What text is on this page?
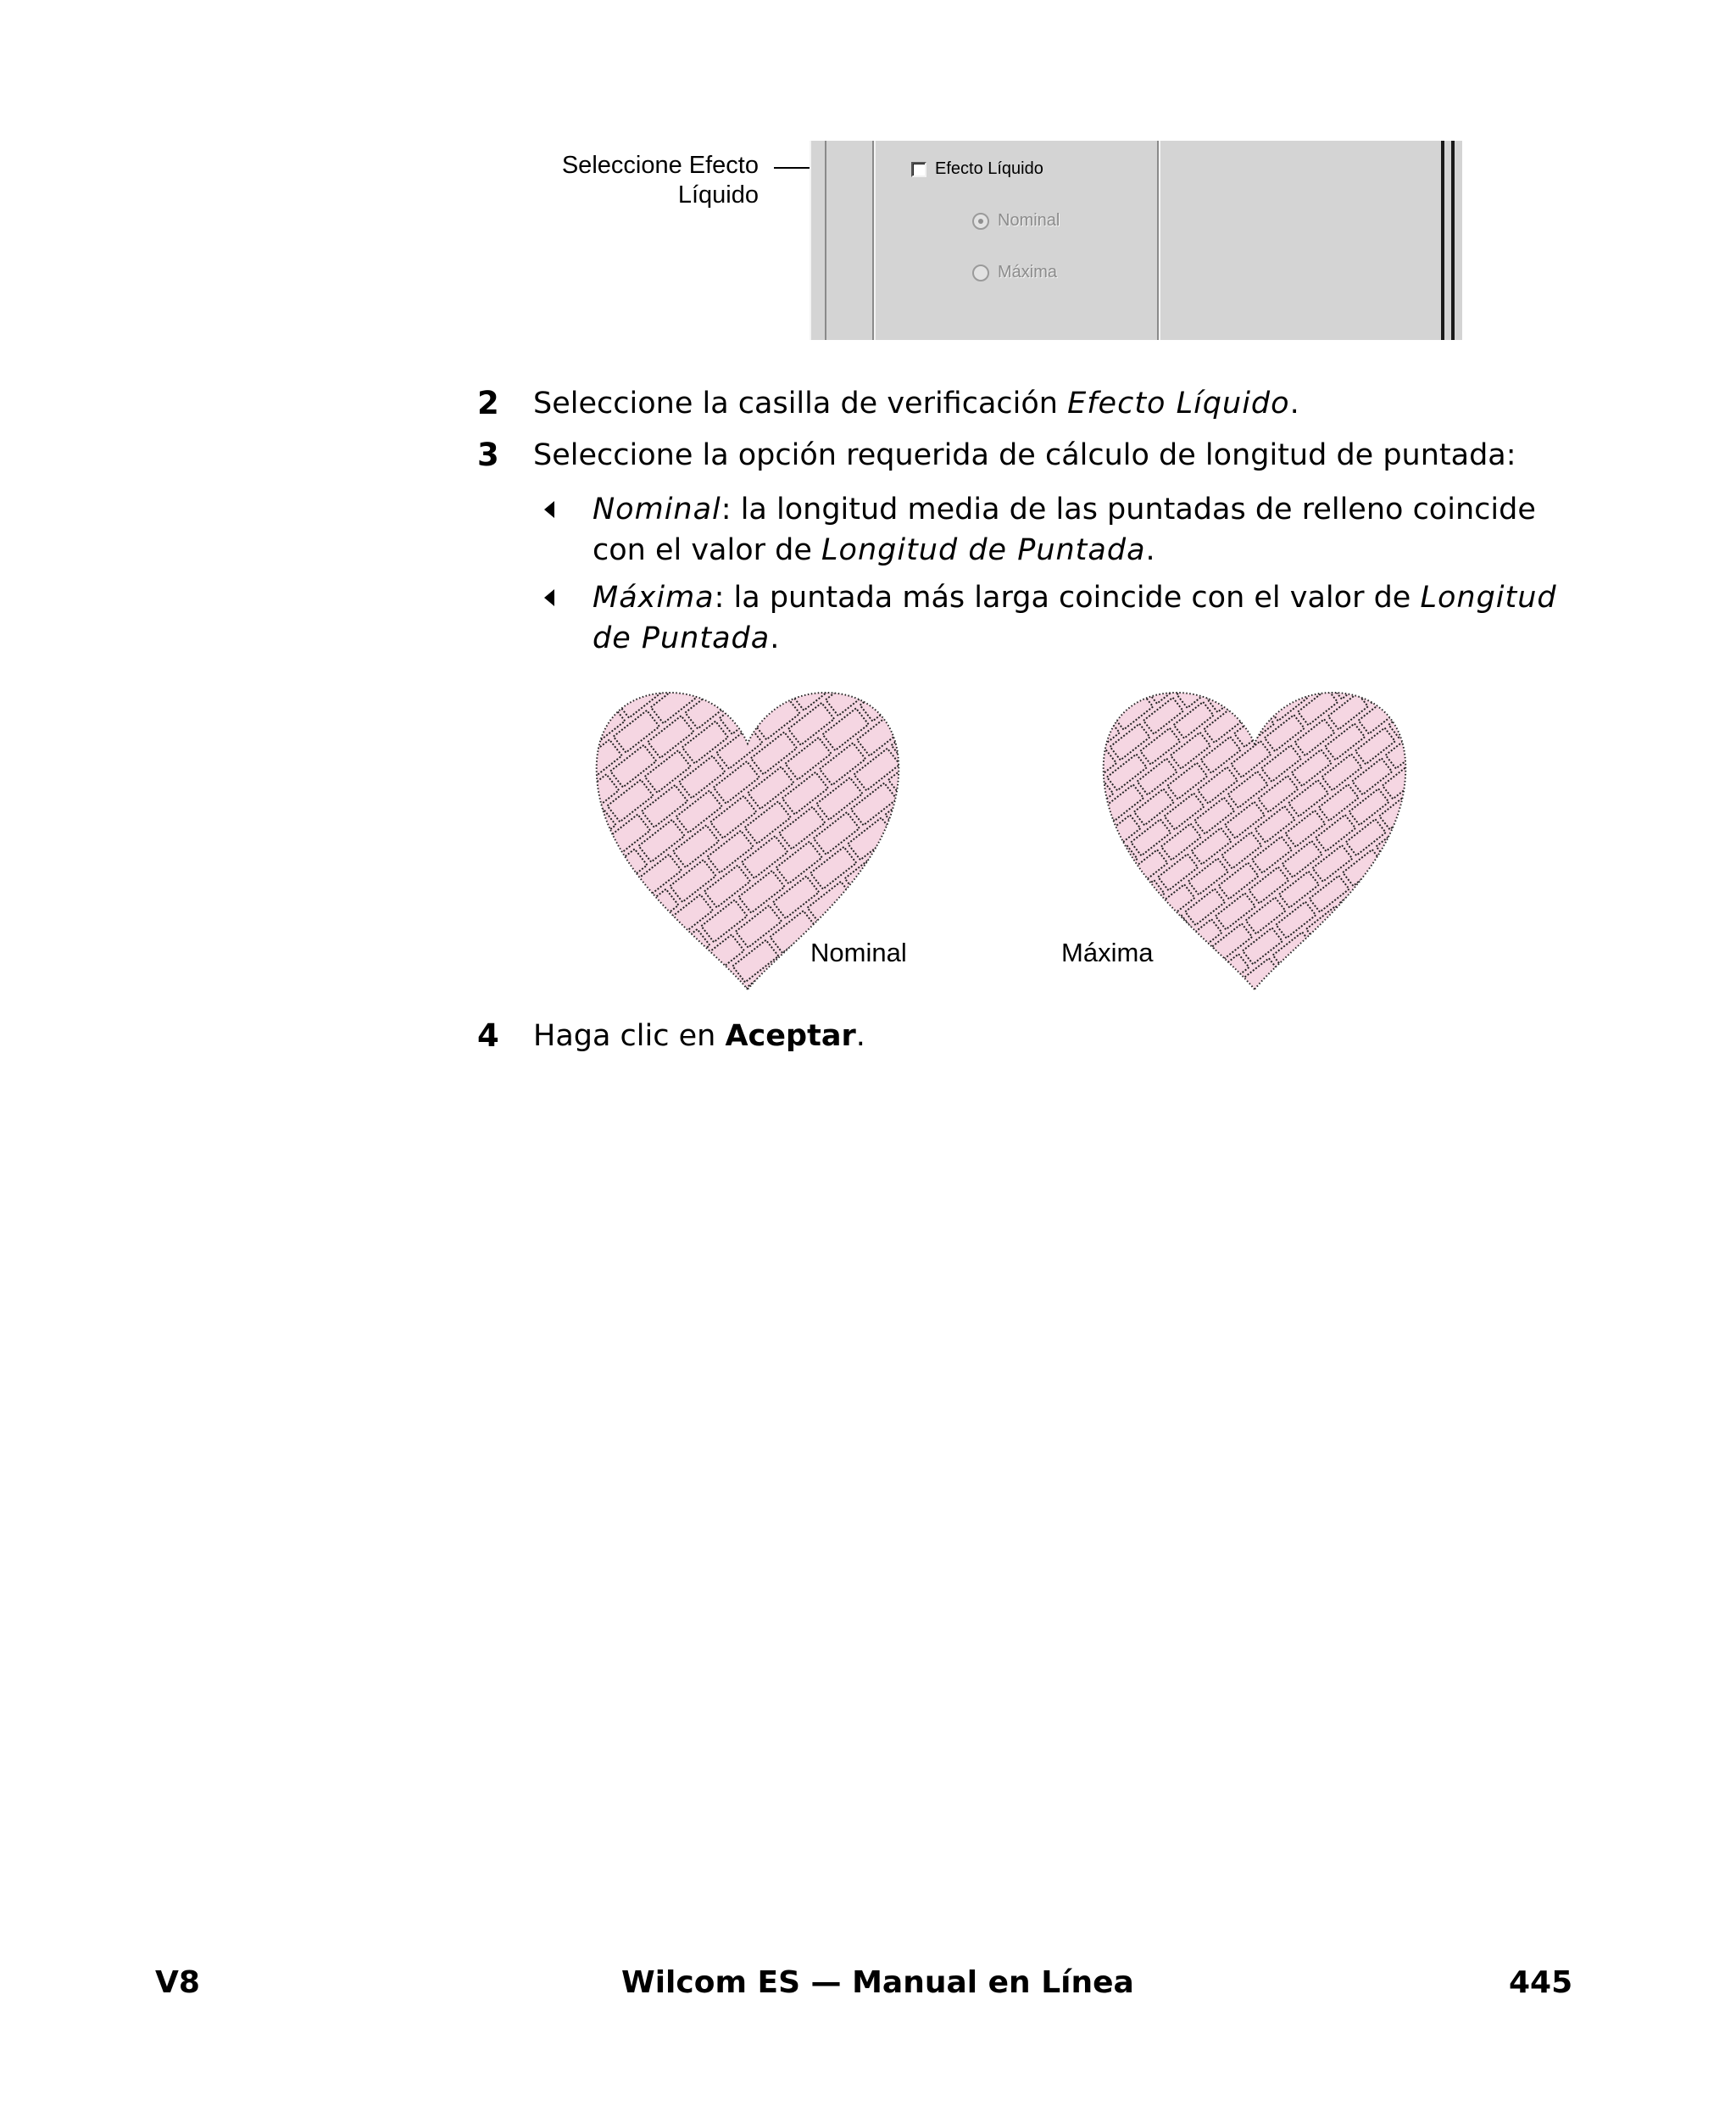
Seleccione Efecto
Líquido
Efecto Líquido
Nominal
Máxima
2	Seleccione la casilla de verificación Efecto Líquido.
3	Seleccione la opción requerida de cálculo de longitud de puntada:
Nominal: la longitud media de las puntadas de relleno coincide con el valor de Longitud de Puntada.
Máxima: la puntada más larga coincide con el valor de Longitud de Puntada.
Nominal	Máxima
4	Haga clic en Aceptar.
V8	Wilcom ES — Manual en Línea	445
